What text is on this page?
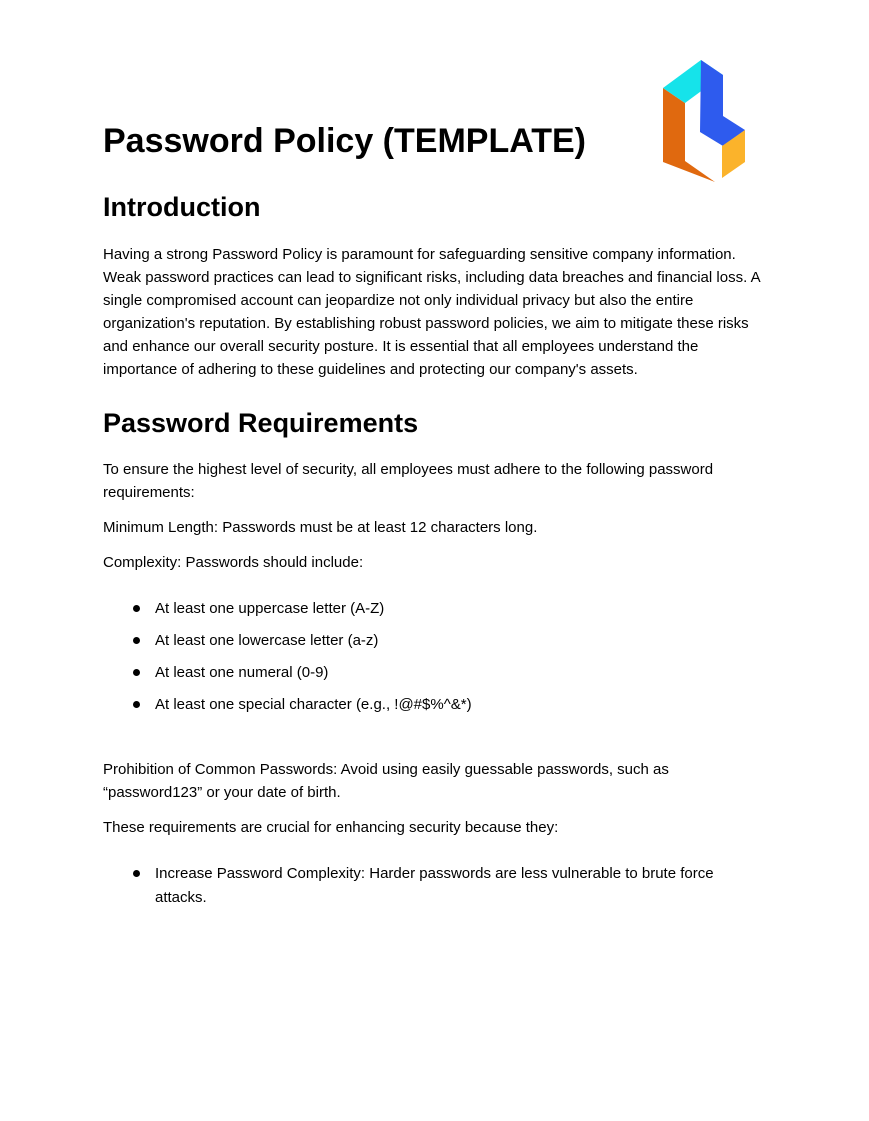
Password Policy (TEMPLATE)
Introduction

Having a strong Password Policy is paramount for safeguarding sensitive company information. Weak password practices can lead to significant risks, including data breaches and financial loss. A single compromised account can jeopardize not only individual privacy but also the entire organization's reputation. By establishing robust password policies, we aim to mitigate these risks and enhance our overall security posture. It is essential that all employees understand the importance of adhering to these guidelines and protecting our company's assets.

Password Requirements

To ensure the highest level of security, all employees must adhere to the following password requirements:

Minimum Length: Passwords must be at least 12 characters long.

Complexity: Passwords should include:

At least one uppercase letter (A-Z)
At least one lowercase letter (a-z)
At least one numeral (0-9)
At least one special character (e.g., !@#$%^&*)

Prohibition of Common Passwords: Avoid using easily guessable passwords, such as “password123” or your date of birth.

These requirements are crucial for enhancing security because they:

Increase Password Complexity: Harder passwords are less vulnerable to brute force attacks.
